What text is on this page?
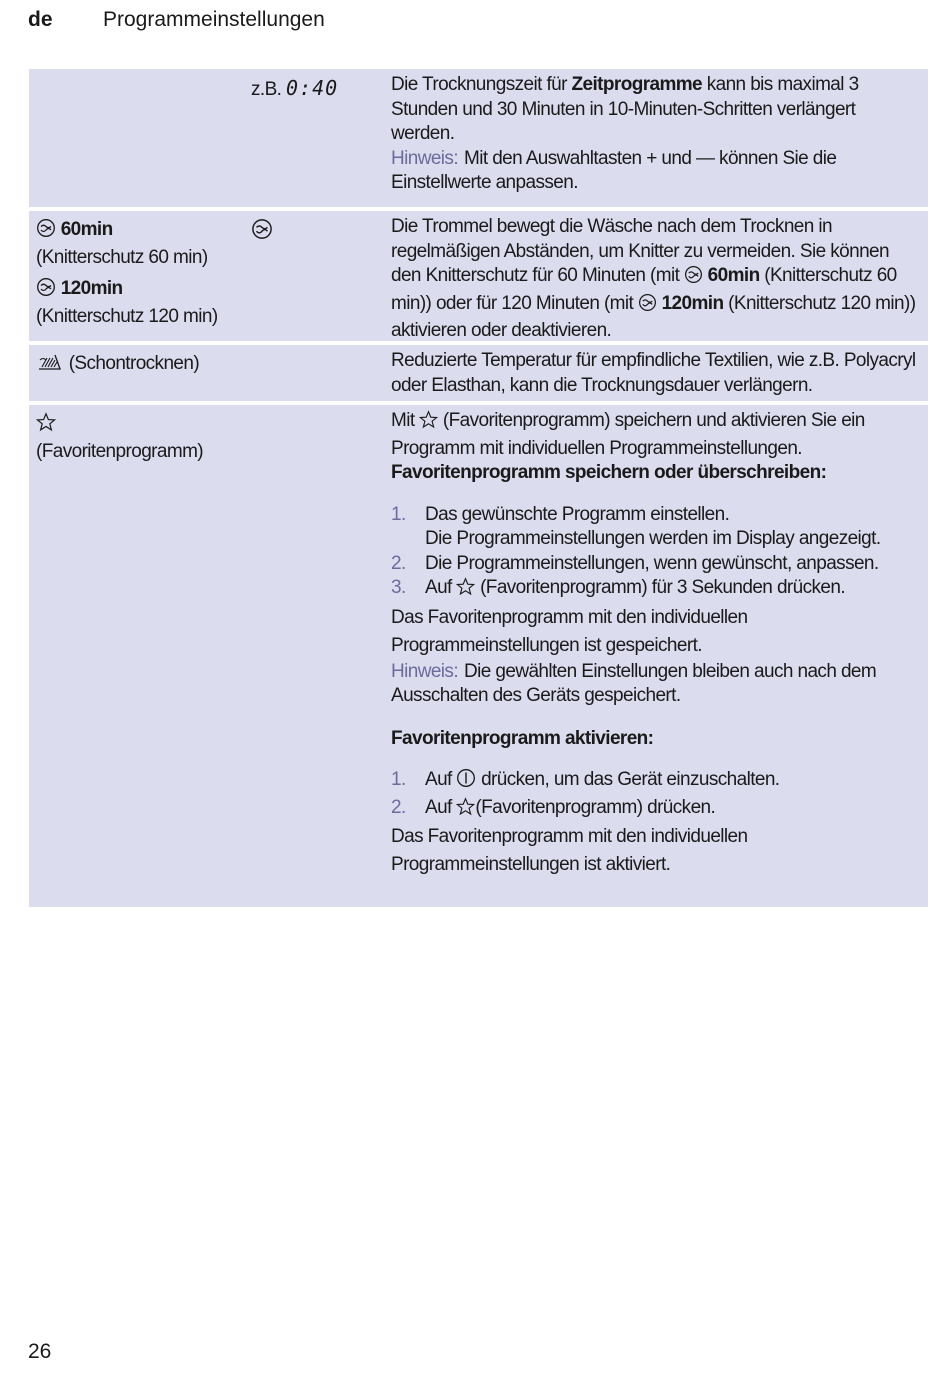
de Programmeinstellungen
z.B. 0:40	Die Trocknungszeit für Zeitprogramme kann bis maximal 3 Stunden und 30 Minuten in 10-Minuten-Schritten verlängert werden.

Hinweis: Mit den Auswahltasten + und — können Sie die Einstellwerte anpassen.

60min
(Knitterschutz 60 min)
120min
(Knitterschutz 120 min)

Die Trommel bewegt die Wäsche nach dem Trocknen in regelmäßigen Abständen, um Knitter zu vermeiden. Sie können den Knitterschutz für 60 Minuten (mit  60min (Knitterschutz 60 min)) oder für 120 Minuten (mit  120min (Knitterschutz 120 min)) aktivieren oder deaktivieren.

(Schontrocknen)	Reduzierte Temperatur für empfindliche Textilien, wie z.B. Polyacryl oder Elasthan, kann die Trocknungsdauer verlängern.

(Favoritenprogramm)

Mit  (Favoritenprogramm) speichern und aktivieren Sie ein Programm mit individuellen Programmeinstellungen.

Favoritenprogramm speichern oder überschreiben:

1. Das gewünschte Programm einstellen.
Die Programmeinstellungen werden im Display angezeigt.
2. Die Programmeinstellungen, wenn gewünscht, anpassen.
3. Auf  (Favoritenprogramm) für 3 Sekunden drücken.

Das Favoritenprogramm mit den individuellen Programmeinstellungen ist gespeichert.

Hinweis: Die gewählten Einstellungen bleiben auch nach dem Ausschalten des Geräts gespeichert.

Favoritenprogramm aktivieren:

1. Auf  drücken, um das Gerät einzuschalten.
2. Auf (Favoritenprogramm) drücken.

Das Favoritenprogramm mit den individuellen Programmeinstellungen ist aktiviert.

26
